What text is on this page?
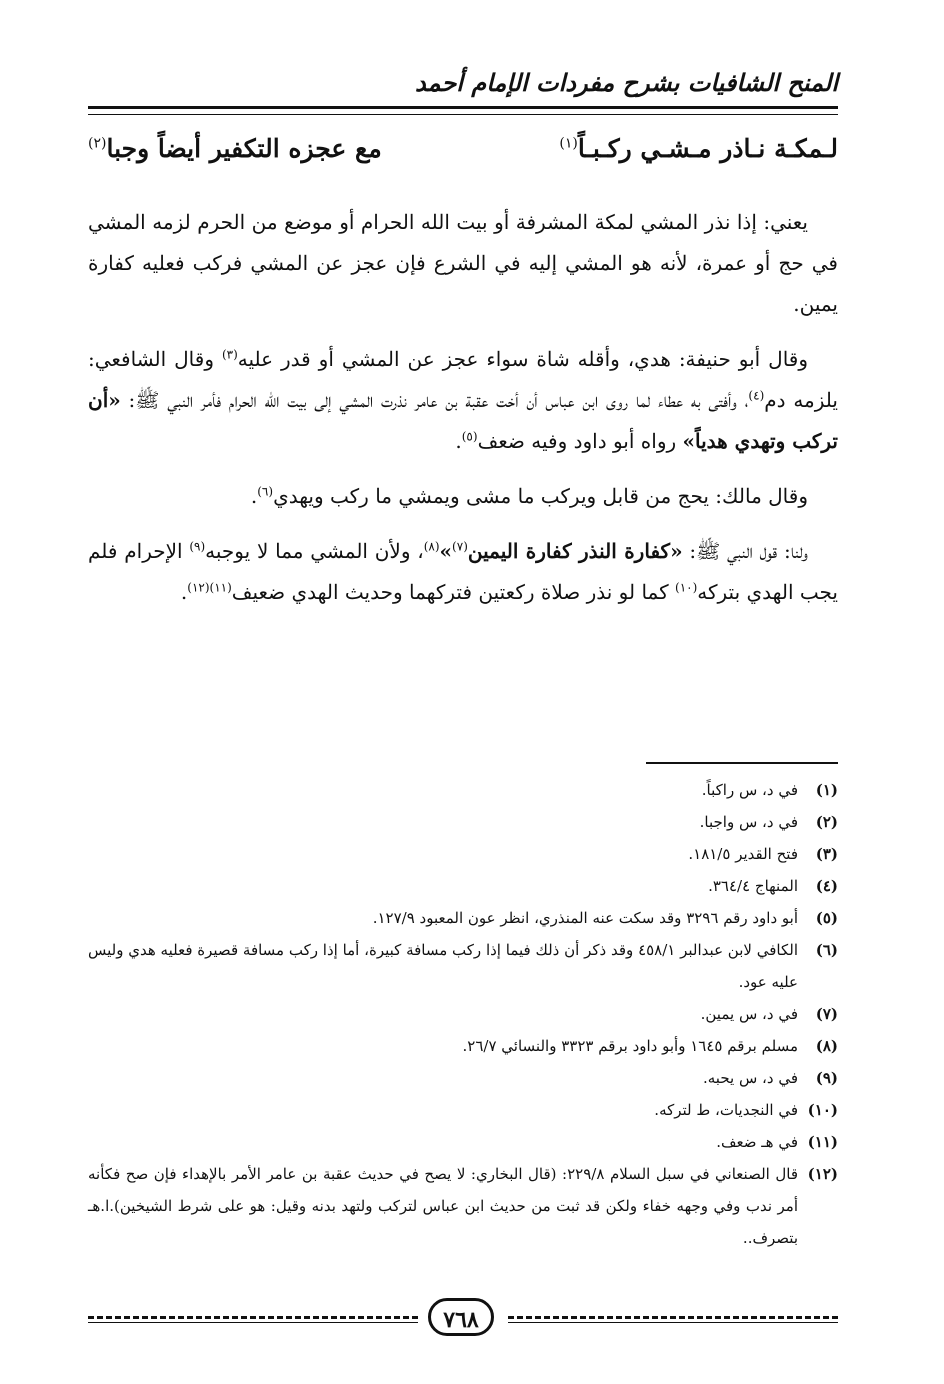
المنح الشافيات بشرح مفردات الإمام أحمد
لـمكـة نـاذر مـشـي ركـبـاً$^{(١)}$
مع عجزه التكفير أيضاً وجبا$^{(٢)}$

يعني: إذا نذر المشي لمكة المشرفة أو بيت الله الحرام أو موضع من الحرم لزمه المشي في حج أو عمرة، لأنه هو المشي إليه في الشرع فإن عجز عن المشي فركب فعليه كفارة يمين.

وقال أبو حنيفة: هدي، وأقله شاة سواء عجز عن المشي أو قدر عليه$^{(٣)}$ وقال الشافعي: يلزمه دم$^{(٤)}$، وأفتى به عطاء لما روى ابن عباس أن أخت عقبة بن عامر نذرت المشي إلى بيت الله الحرام فأمر النبي ﷺ: «أن تركب وتهدي هدياً» رواه أبو داود وفيه ضعف$^{(٥)}$.

وقال مالك: يحج من قابل ويركب ما مشى ويمشي ما ركب ويهدي$^{(٦)}$.

ولنا: قول النبي ﷺ: «كفارة النذر كفارة اليمين$^{(٧)}$»$^{(٨)}$، ولأن المشي مما لا يوجبه$^{(٩)}$ الإحرام فلم يجب الهدي بتركه$^{(١٠)}$ كما لو نذر صلاة ركعتين فتركهما وحديث الهدي ضعيف$^{(١١)(١٢)}$.

(١)
في د، س راكباً.
(٢)
في د، س واجبا.
(٣)
فتح القدير ١٨١/٥.
(٤)
المنهاج ٣٦٤/٤.
(٥)
أبو داود رقم ٣٢٩٦ وقد سكت عنه المنذري، انظر عون المعبود ١٢٧/٩.
(٦)
الكافي لابن عبدالبر ٤٥٨/١ وقد ذكر أن ذلك فيما إذا ركب مسافة كبيرة، أما إذا ركب مسافة قصيرة فعليه هدي وليس عليه عود.
(٧)
في د، س يمين.
(٨)
مسلم برقم ١٦٤٥ وأبو داود برقم ٣٣٢٣ والنسائي ٢٦/٧.
(٩)
في د، س يحبه.
(١٠)
في النجديات، ط لتركه.
(١١)
في هـ ضعف.
(١٢)
قال الصنعاني في سبل السلام ٢٢٩/٨: (قال البخاري: لا يصح في حديث عقبة بن عامر الأمر بالإهداء فإن صح فكأنه أمر ندب وفي وجهه خفاء ولكن قد ثبت من حديث ابن عباس لتركب ولتهد بدنه وقيل: هو على شرط الشيخين).ا.هـ بتصرف..
٧٦٨
